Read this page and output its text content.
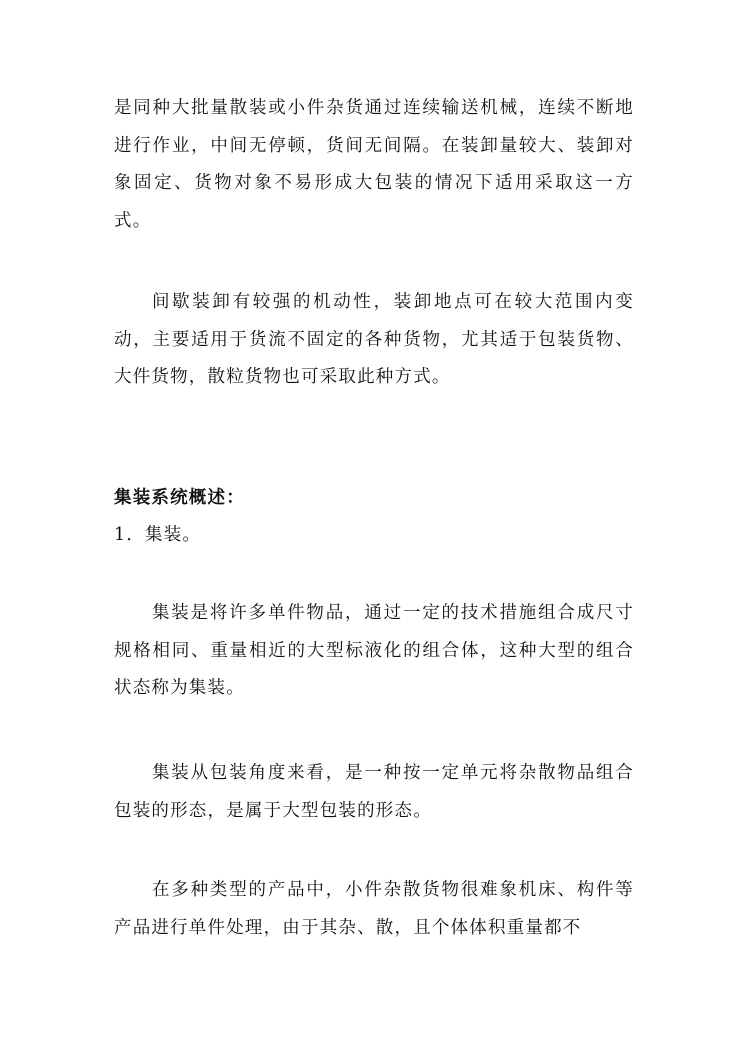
是同种大批量散装或小件杂货通过连续输送机械，连续不断地进行作业，中间无停顿，货间无间隔。在装卸量较大、装卸对象固定、货物对象不易形成大包装的情况下适用采取这一方式。

间歇装卸有较强的机动性，装卸地点可在较大范围内变动，主要适用于货流不固定的各种货物，尤其适于包装货物、大件货物，散粒货物也可采取此种方式。

集装系统概述：

1．集装。

集装是将许多单件物品，通过一定的技术措施组合成尺寸规格相同、重量相近的大型标液化的组合体，这种大型的组合状态称为集装。

集装从包装角度来看，是一种按一定单元将杂散物品组合包装的形态，是属于大型包装的形态。

在多种类型的产品中，小件杂散货物很难象机床、构件等产品进行单件处理，由于其杂、散，且个体体积重量都不
